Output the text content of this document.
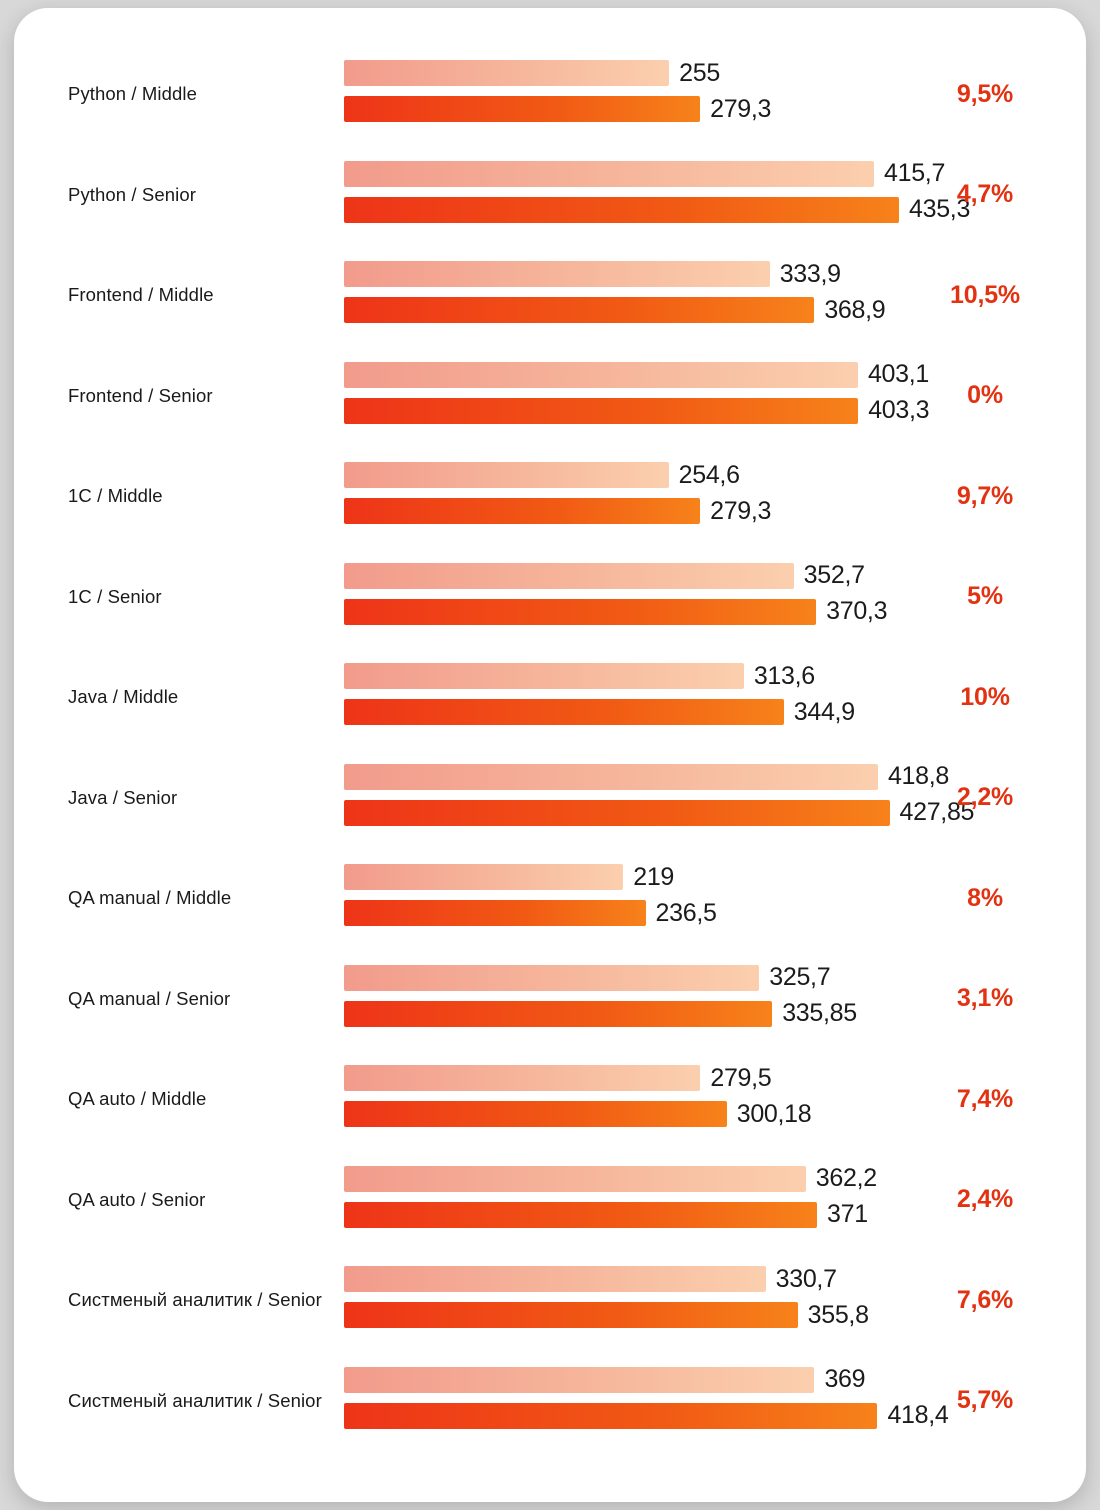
Python / Middle
255
279,3
9,5%
Python / Senior
415,7
435,3
4,7%
Frontend / Middle
333,9
368,9
10,5%
Frontend / Senior
403,1
403,3
0%
1C / Middle
254,6
279,3
9,7%
1C / Senior
352,7
370,3
5%
Java / Middle
313,6
344,9
10%
Java / Senior
418,8
427,85
2,2%
QA manual / Middle
219
236,5
8%
QA manual / Senior
325,7
335,85
3,1%
QA auto / Middle
279,5
300,18
7,4%
QA auto / Senior
362,2
371
2,4%
Систменый аналитик / Senior
330,7
355,8
7,6%
Систменый аналитик / Senior
369
418,4
5,7%
